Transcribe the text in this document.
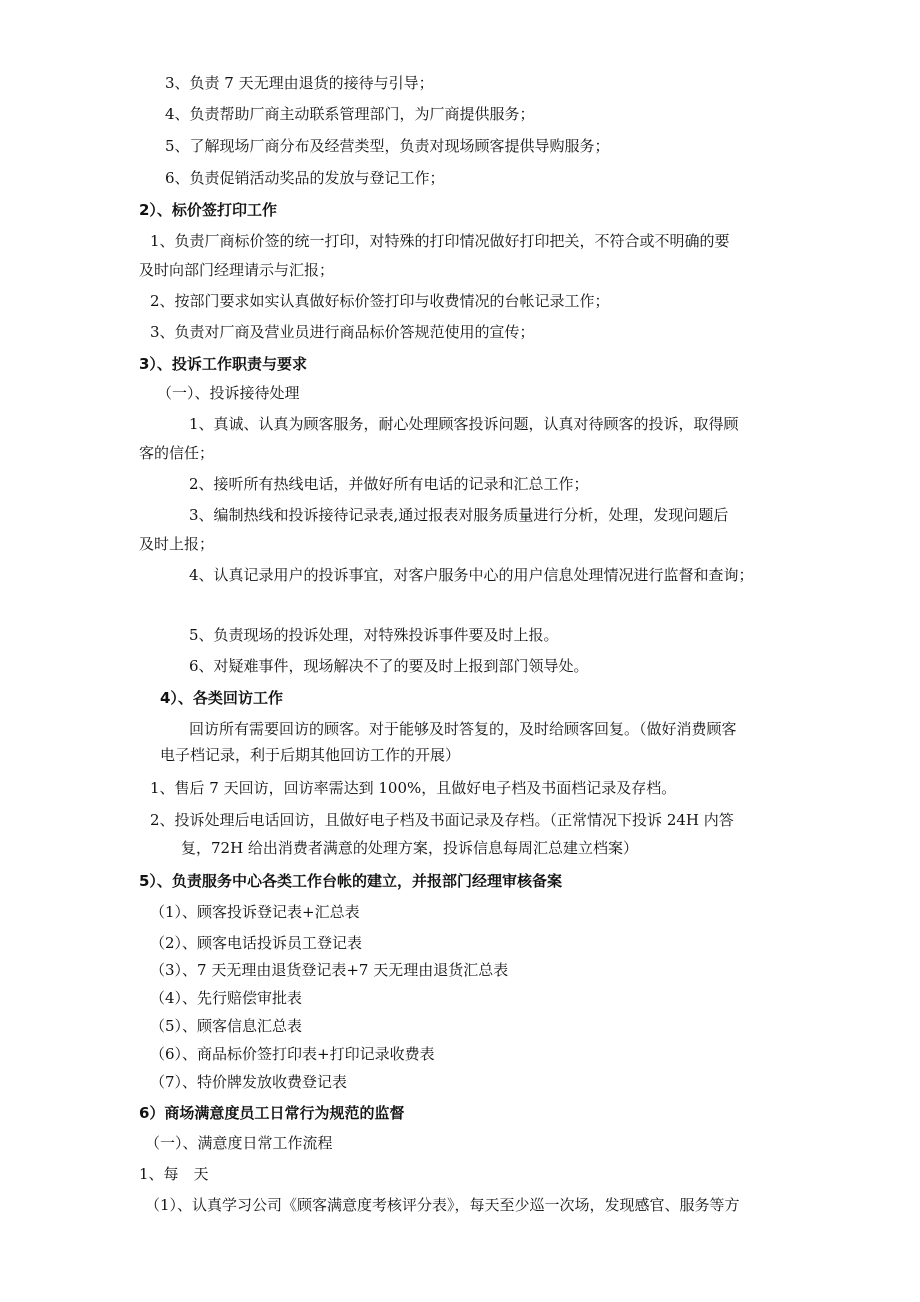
3、负责 7 天无理由退货的接待与引导；
4、负责帮助厂商主动联系管理部门，为厂商提供服务；
5、了解现场厂商分布及经营类型，负责对现场顾客提供导购服务；
6、负责促销活动奖品的发放与登记工作；
2）、标价签打印工作
1、负责厂商标价签的统一打印，对特殊的打印情况做好打印把关，不符合或不明确的要
及时向部门经理请示与汇报；
2、按部门要求如实认真做好标价签打印与收费情况的台帐记录工作；
3、负责对厂商及营业员进行商品标价答规范使用的宣传；
3）、投诉工作职责与要求
（一）、投诉接待处理
1、真诚、认真为顾客服务，耐心处理顾客投诉问题，认真对待顾客的投诉，取得顾
客的信任；
2、接听所有热线电话，并做好所有电话的记录和汇总工作；
3、编制热线和投诉接待记录表,通过报表对服务质量进行分析，处理，发现问题后
及时上报；
4、认真记录用户的投诉事宜，对客户服务中心的用户信息处理情况进行监督和查询；
5、负责现场的投诉处理，对特殊投诉事件要及时上报。
6、对疑难事件，现场解决不了的要及时上报到部门领导处。
4）、各类回访工作
回访所有需要回访的顾客。对于能够及时答复的，及时给顾客回复。（做好消费顾客
电子档记录，利于后期其他回访工作的开展）
1、售后 7 天回访，回访率需达到 100%，且做好电子档及书面档记录及存档。
2、投诉处理后电话回访，且做好电子档及书面记录及存档。（正常情况下投诉 24H 内答
复，72H 给出消费者满意的处理方案，投诉信息每周汇总建立档案）
5）、负责服务中心各类工作台帐的建立，并报部门经理审核备案
（1）、顾客投诉登记表+汇总表
（2）、顾客电话投诉员工登记表
（3）、7 天无理由退货登记表+7 天无理由退货汇总表
（4）、先行赔偿审批表
（5）、顾客信息汇总表
（6）、商品标价签打印表+打印记录收费表
（7）、特价牌发放收费登记表
6）商场满意度员工日常行为规范的监督
（一）、满意度日常工作流程
1、每　天
（1）、认真学习公司《顾客满意度考核评分表》，每天至少巡一次场，发现感官、服务等方
